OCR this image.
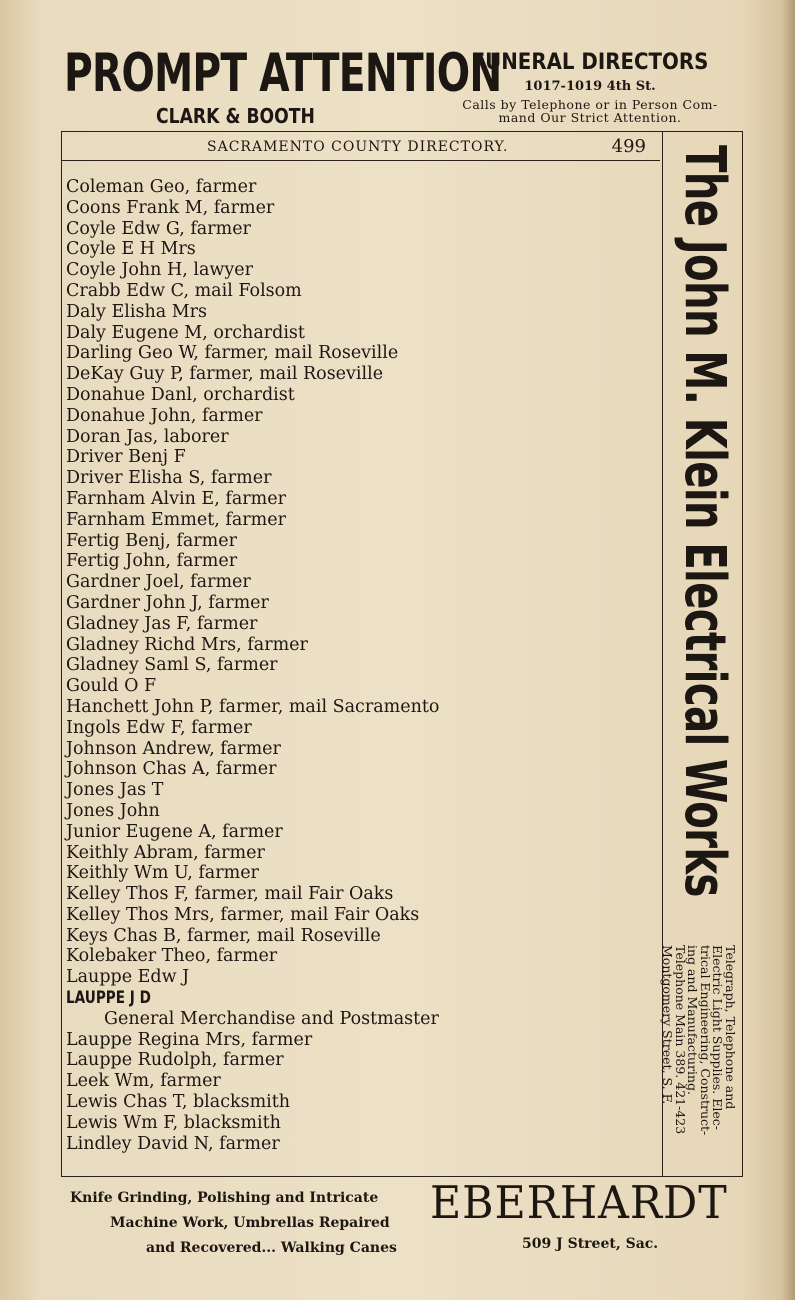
PROMPT ATTENTION
CLARK & BOOTH
FUNERAL DIRECTORS
1017-1019 4th St.
Calls by Telephone or in Person Com-
mand Our Strict Attention.
SACRAMENTO COUNTY DIRECTORY.	499
Coleman Geo, farmer
Coons Frank M, farmer
Coyle Edw G, farmer
Coyle E H Mrs
Coyle John H, lawyer
Crabb Edw C, mail Folsom
Daly Elisha Mrs
Daly Eugene M, orchardist
Darling Geo W, farmer, mail Roseville
DeKay Guy P, farmer, mail Roseville
Donahue Danl, orchardist
Donahue John, farmer
Doran Jas, laborer
Driver Benj F
Driver Elisha S, farmer
Farnham Alvin E, farmer
Farnham Emmet, farmer
Fertig Benj, farmer
Fertig John, farmer
Gardner Joel, farmer
Gardner John J, farmer
Gladney Jas F, farmer
Gladney Richd Mrs, farmer
Gladney Saml S, farmer
Gould O F
Hanchett John P, farmer, mail Sacramento
Ingols Edw F, farmer
Johnson Andrew, farmer
Johnson Chas A, farmer
Jones Jas T
Jones John
Junior Eugene A, farmer
Keithly Abram, farmer
Keithly Wm U, farmer
Kelley Thos F, farmer, mail Fair Oaks
Kelley Thos Mrs, farmer, mail Fair Oaks
Keys Chas B, farmer, mail Roseville
Kolebaker Theo, farmer
Lauppe Edw J
LAUPPE J D
General Merchandise and Postmaster
Lauppe Regina Mrs, farmer
Lauppe Rudolph, farmer
Leek Wm, farmer
Lewis Chas T, blacksmith
Lewis Wm F, blacksmith
Lindley David N, farmer
The John M. Klein Electrical Works
Telegraph, Telephone and
Electric Light Supplies. Elec-
trical Engineering, Construct-
ing and Manufacturing.
Telephone Main 389. 421-423
Montgomery Street, S. F.
Knife Grinding, Polishing and Intricate
Machine Work, Umbrellas Repaired
and Recovered... Walking Canes
EBERHARDT
509 J Street, Sac.
